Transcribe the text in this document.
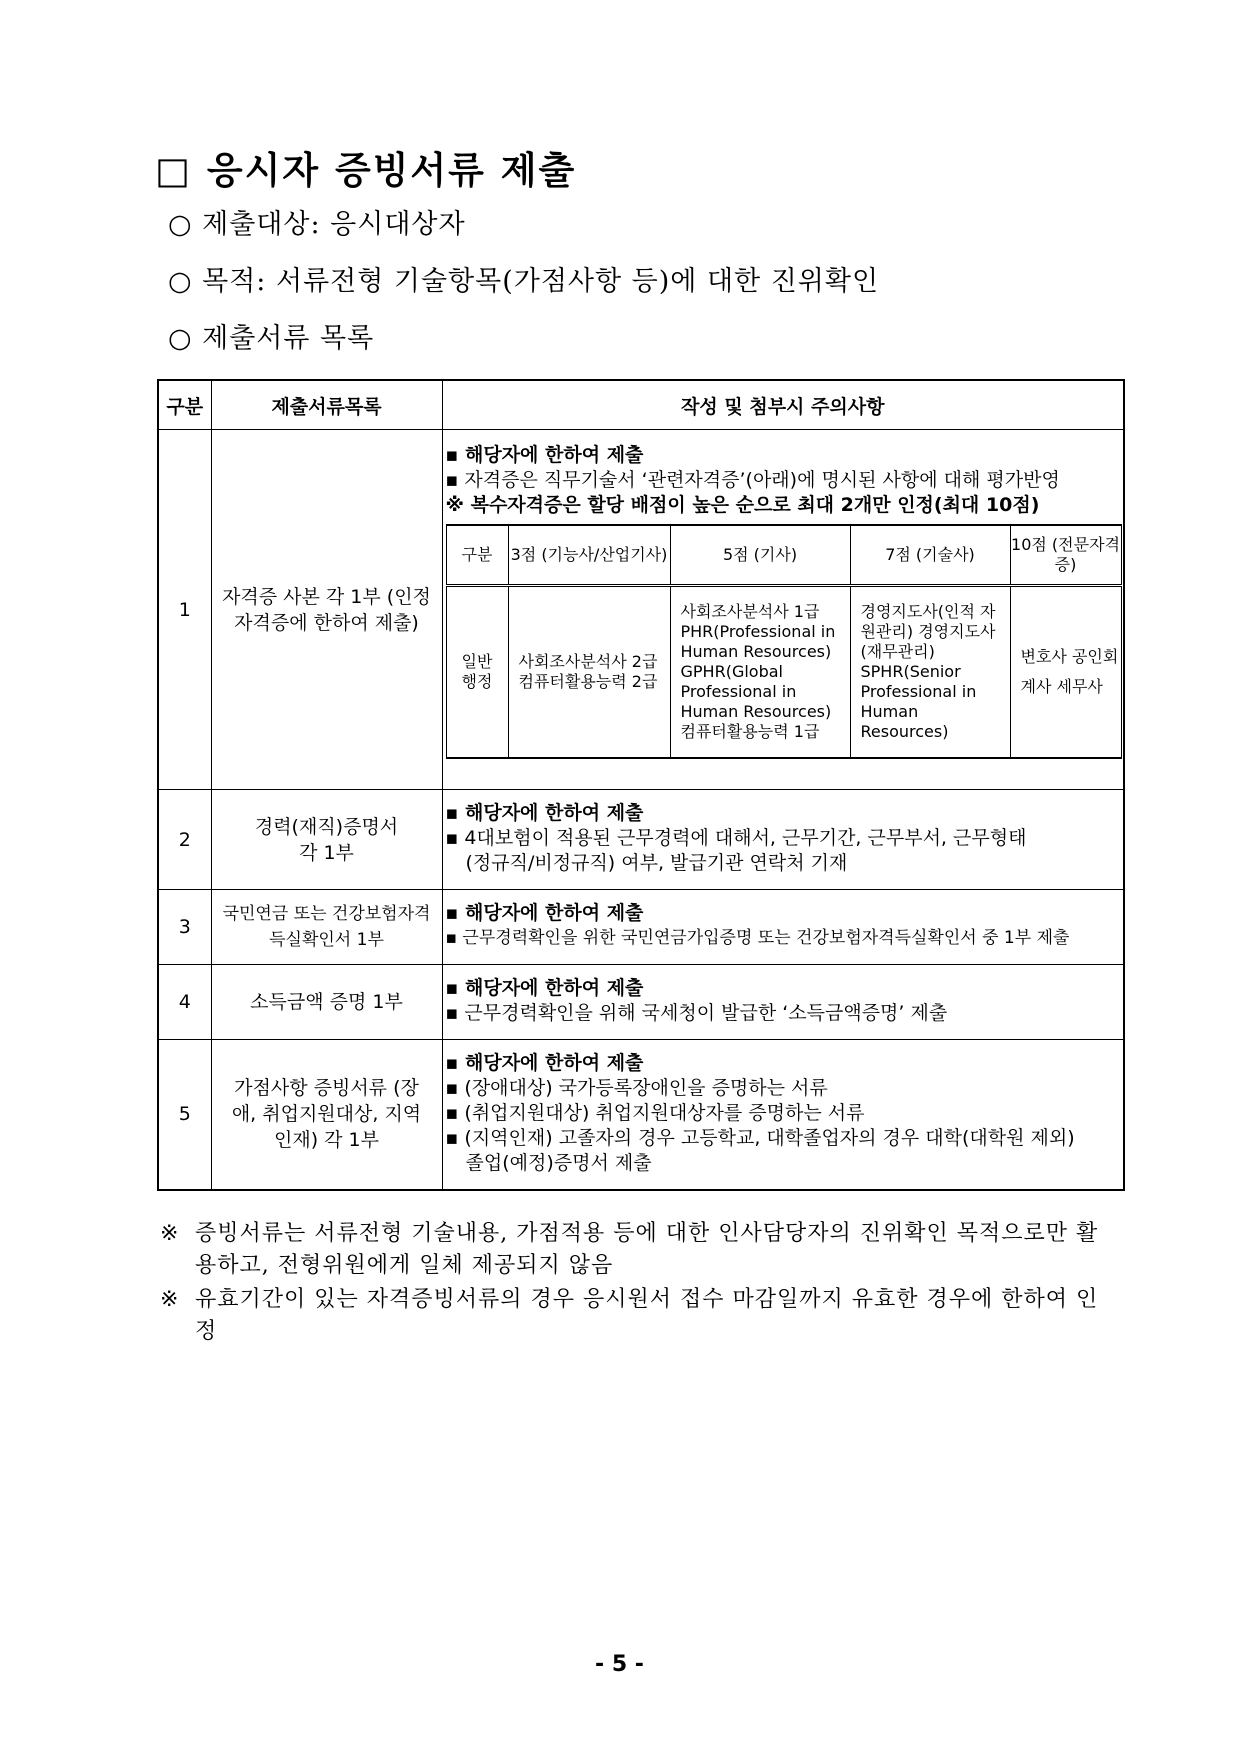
□ 응시자 증빙서류 제출
○ 제출대상: 응시대상자
○ 목적: 서류전형 기술항목(가점사항 등)에 대한 진위확인
○ 제출서류 목록
구분	제출서류목록	작성 및 첨부시 주의사항
1	자격증 사본 각 1부 (인정 자격증에 한하여 제출)	
▪ 해당자에 한하여 제출
▪ 자격증은 직무기술서 ‘관련자격증’(아래)에 명시된 사항에 대해 평가반영
※ 복수자격증은 할당 배점이 높은 순으로 최대 2개만 인정(최대 10점)
구분	3점 (기능사/산업기사)	5점 (기사)	7점 (기술사)	10점 (전문자격증)
일반 행정	사회조사분석사 2급 컴퓨터활용능력 2급	사회조사분석사 1급 PHR(Professional in Human Resources) GPHR(Global Professional in Human Resources) 컴퓨터활용능력 1급	경영지도사(인적 자원관리) 경영지도사(재무관리) SPHR(Senior Professional in Human Resources)	변호사 공인회계사 세무사

2	경력(재직)증명서 각 1부	
▪ 해당자에 한하여 제출
▪ 4대보험이 적용된 근무경력에 대해서, 근무기간, 근무부서, 근무형태
(정규직/비정규직) 여부, 발급기관 연락처 기재

3	국민연금 또는 건강보험자격득실확인서 1부	
▪ 해당자에 한하여 제출
▪ 근무경력확인을 위한 국민연금가입증명 또는 건강보험자격득실확인서 중 1부 제출

4	소득금액 증명 1부	
▪ 해당자에 한하여 제출
▪ 근무경력확인을 위해 국세청이 발급한 ‘소득금액증명’ 제출

5	가점사항 증빙서류 (장애, 취업지원대상, 지역인재) 각 1부	
▪ 해당자에 한하여 제출
▪ (장애대상) 국가등록장애인을 증명하는 서류
▪ (취업지원대상) 취업지원대상자를 증명하는 서류
▪ (지역인재) 고졸자의 경우 고등학교, 대학졸업자의 경우 대학(대학원 제외)
졸업(예정)증명서 제출
※ 증빙서류는 서류전형 기술내용, 가점적용 등에 대한 인사담당자의 진위확인 목적으로만 활용하고, 전형위원에게 일체 제공되지 않음
※ 유효기간이 있는 자격증빙서류의 경우 응시원서 접수 마감일까지 유효한 경우에 한하여 인정
- 5 -
